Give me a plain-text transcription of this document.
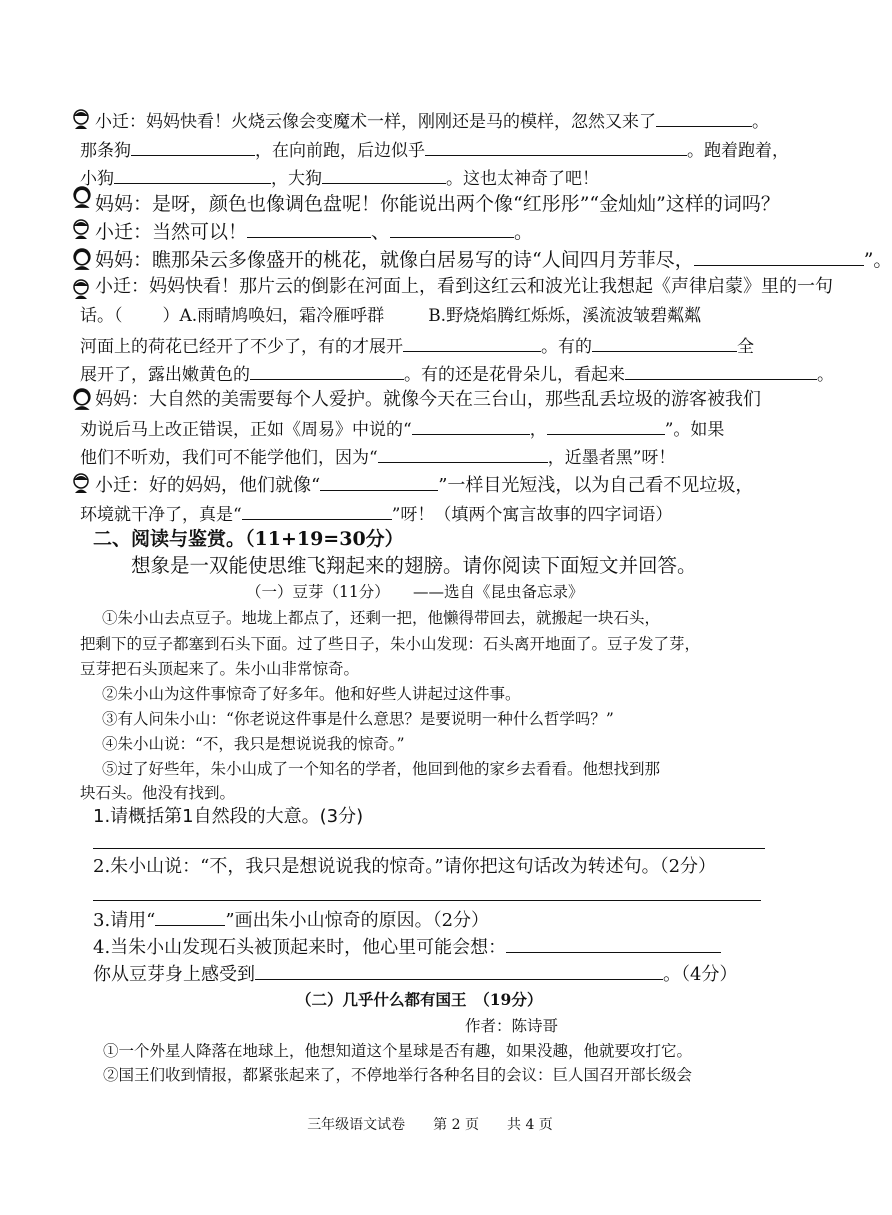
小迁：妈妈快看！火烧云像会变魔术一样，刚刚还是马的模样，忽然又来了	。
那条狗	，在向前跑，后边似乎	。跑着跑着，
小狗	，大狗	。这也太神奇了吧！
妈妈：是呀，颜色也像调色盘呢！你能说出两个像“红彤彤”“金灿灿”这样的词吗？
小迁：当然可以！	、	。
妈妈：瞧那朵云多像盛开的桃花，就像白居易写的诗“人间四月芳菲尽，	”。
小迁：妈妈快看！那片云的倒影在河面上，看到这红云和波光让我想起《声律启蒙》里的一句
话。（ ）A.雨晴鸠唤妇，霜冷雁呼群	B.野烧焰腾红烁烁，溪流波皱碧粼粼
河面上的荷花已经开了不少了，有的才展开	。有的	全
展开了，露出嫩黄色的	。有的还是花骨朵儿，看起来	。
妈妈：大自然的美需要每个人爱护。就像今天在三台山，那些乱丢垃圾的游客被我们
劝说后马上改正错误，正如《周易》中说的“	，	”。如果
他们不听劝，我们可不能学他们，因为“	，近墨者黑”呀！
小迁：好的妈妈，他们就像“	”一样目光短浅，以为自己看不见垃圾，
环境就干净了，真是“	”呀！（填两个寓言故事的四字词语）
二、阅读与鉴赏。（11+19=30分）
想象是一双能使思维飞翔起来的翅膀。请你阅读下面短文并回答。
（一）豆芽（11分）　　——选自《昆虫备忘录》
①朱小山去点豆子。地垅上都点了，还剩一把，他懒得带回去，就搬起一块石头，
把剩下的豆子都塞到石头下面。过了些日子，朱小山发现：石头离开地面了。豆子发了芽，
豆芽把石头顶起来了。朱小山非常惊奇。
②朱小山为这件事惊奇了好多年。他和好些人讲起过这件事。
③有人问朱小山：“你老说这件事是什么意思？是要说明一种什么哲学吗？”
④朱小山说：“不，我只是想说说我的惊奇。”
⑤过了好些年，朱小山成了一个知名的学者，他回到他的家乡去看看。他想找到那
块石头。他没有找到。
1.请概括第1自然段的大意。(3分)
2.朱小山说：“不，我只是想说说我的惊奇。”请你把这句话改为转述句。（2分）
3.请用“	”画出朱小山惊奇的原因。（2分）
4.当朱小山发现石头被顶起来时，他心里可能会想：
你从豆芽身上感受到	。（4分）
（二）几乎什么都有国王　（19分）
作者：陈诗哥
①一个外星人降落在地球上，他想知道这个星球是否有趣，如果没趣，他就要攻打它。
②国王们收到情报，都紧张起来了，不停地举行各种名目的会议：巨人国召开部长级会
三年级语文试卷　　第 2 页　　共 4 页
